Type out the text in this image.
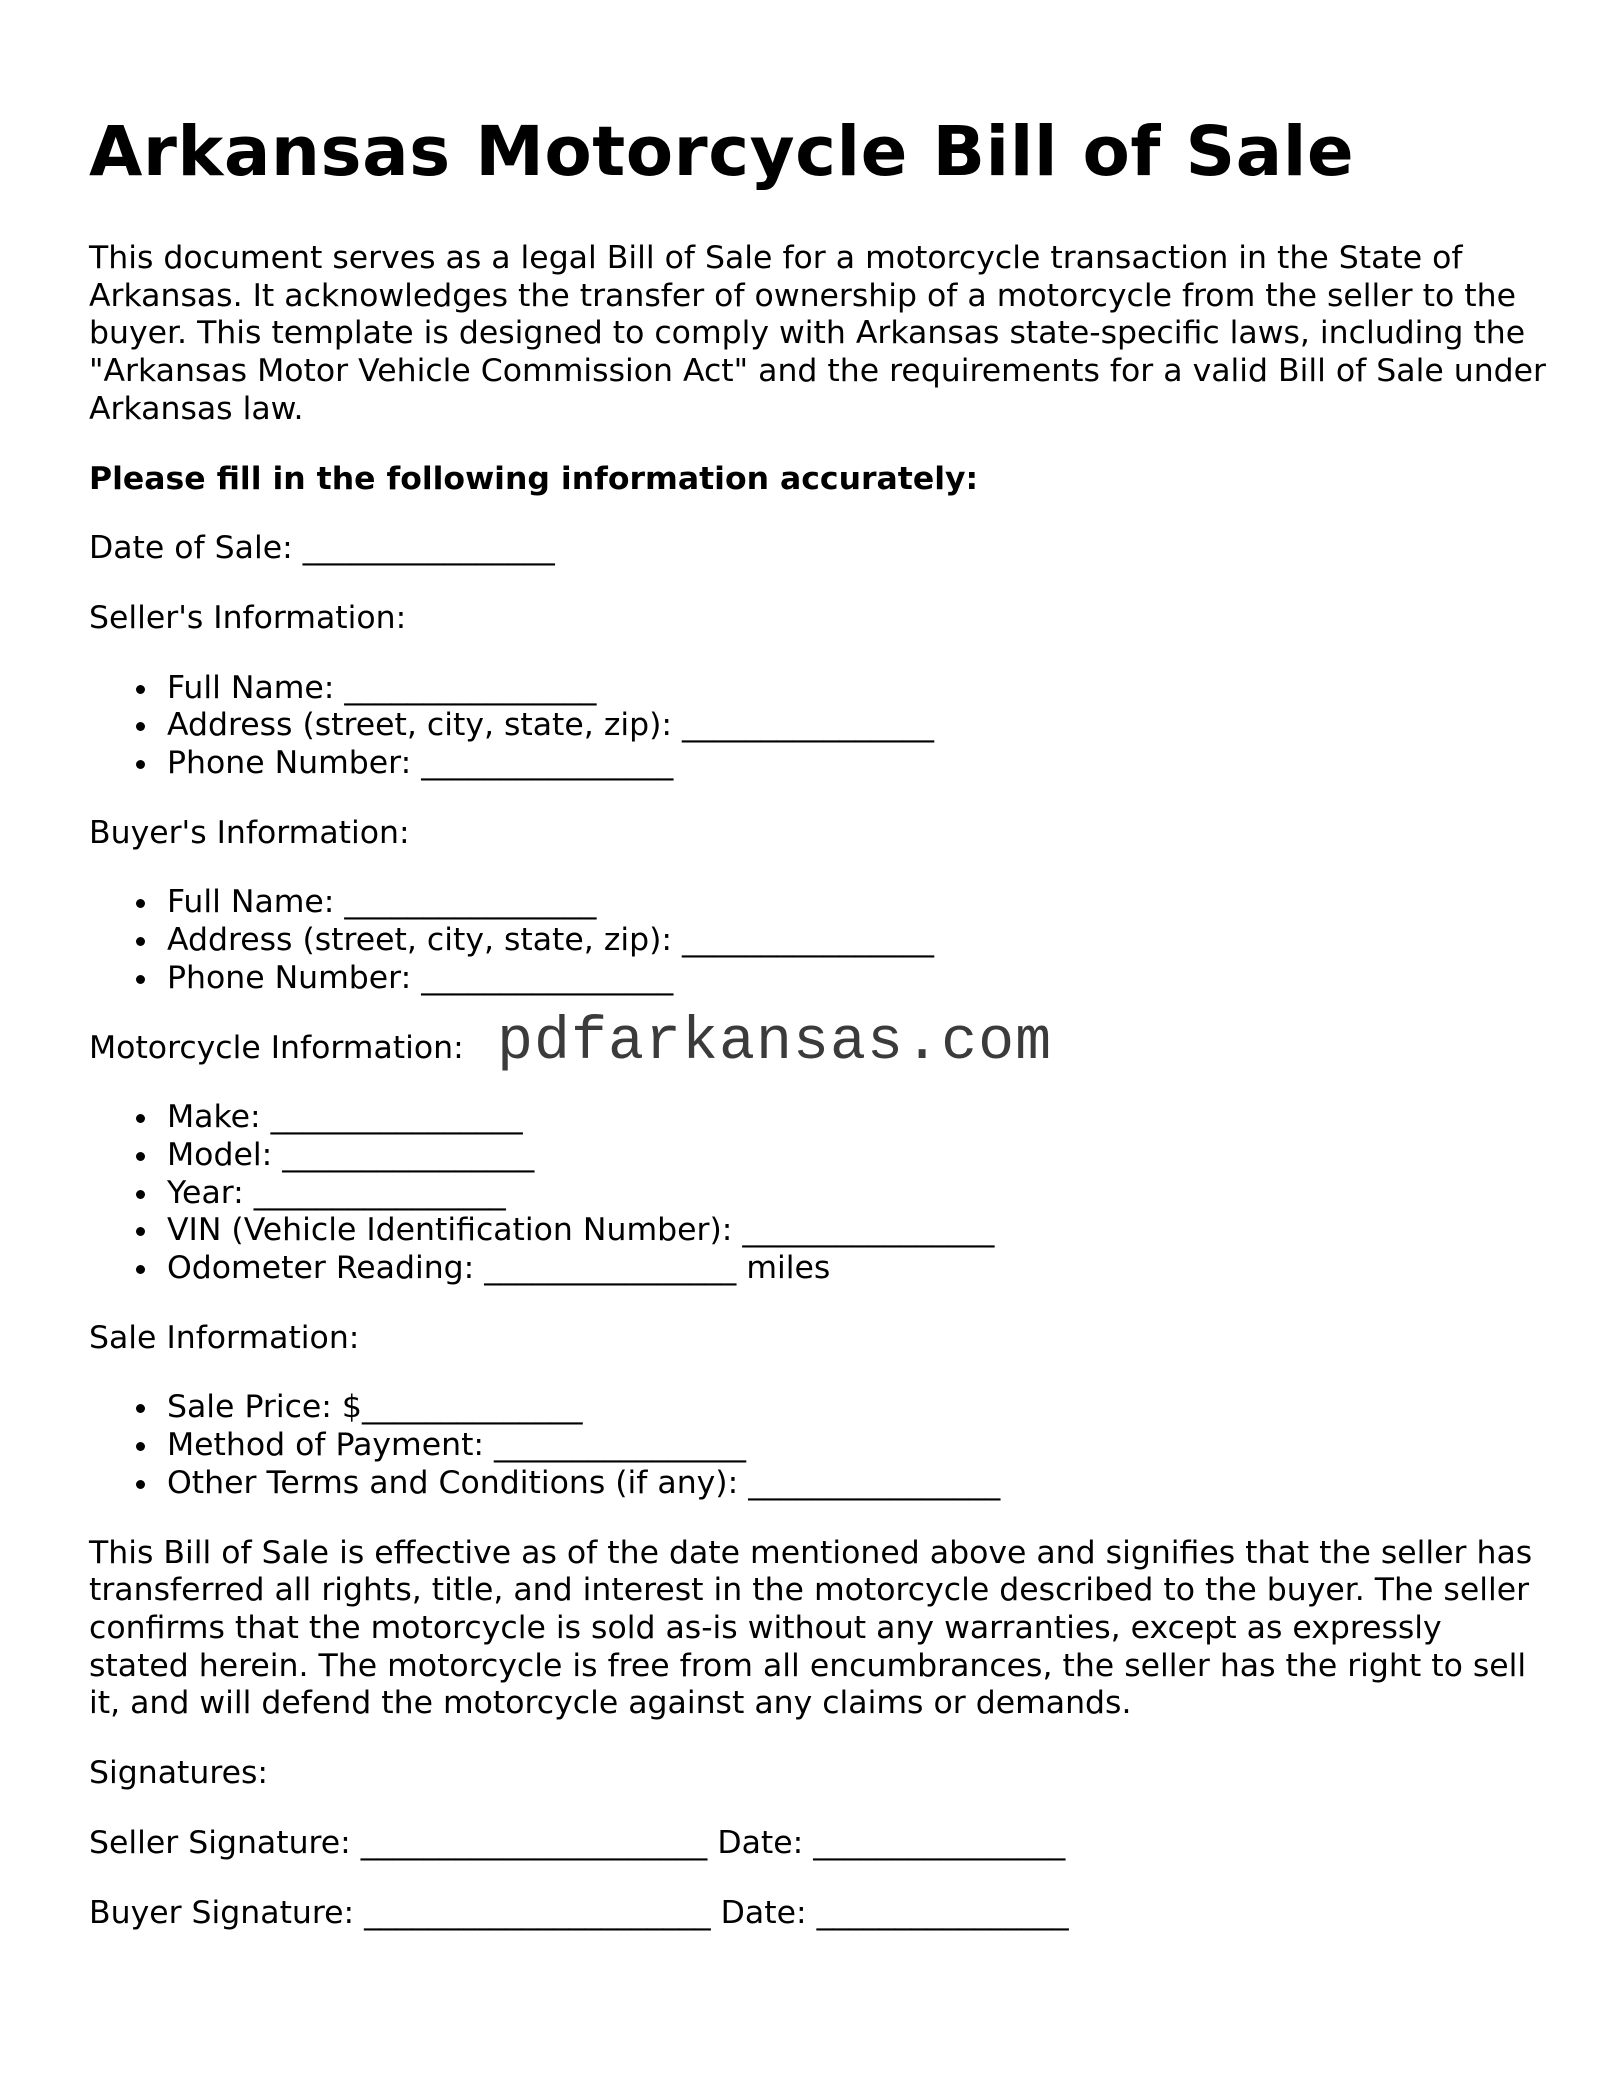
Arkansas Motorcycle Bill of Sale

This document serves as a legal Bill of Sale for a motorcycle transaction in the State of Arkansas. It acknowledges the transfer of ownership of a motorcycle from the seller to the buyer. This template is designed to comply with Arkansas state-specific laws, including the "Arkansas Motor Vehicle Commission Act" and the requirements for a valid Bill of Sale under Arkansas law.

Please fill in the following information accurately:

Date of Sale: ________________

Seller's Information:

Full Name: ________________
Address (street, city, state, zip): ________________
Phone Number: ________________

Buyer's Information:

Full Name: ________________
Address (street, city, state, zip): ________________
Phone Number: ________________

Motorcycle Information:

Make: ________________
Model: ________________
Year: ________________
VIN (Vehicle Identification Number): ________________
Odometer Reading: ________________ miles

Sale Information:

Sale Price: $______________
Method of Payment: ________________
Other Terms and Conditions (if any): ________________

This Bill of Sale is effective as of the date mentioned above and signifies that the seller has transferred all rights, title, and interest in the motorcycle described to the buyer. The seller confirms that the motorcycle is sold as-is without any warranties, except as expressly stated herein. The motorcycle is free from all encumbrances, the seller has the right to sell it, and will defend the motorcycle against any claims or demands.

Signatures:

Seller Signature: ______________________ Date: ________________

Buyer Signature: ______________________ Date: ________________

pdfarkansas.com
